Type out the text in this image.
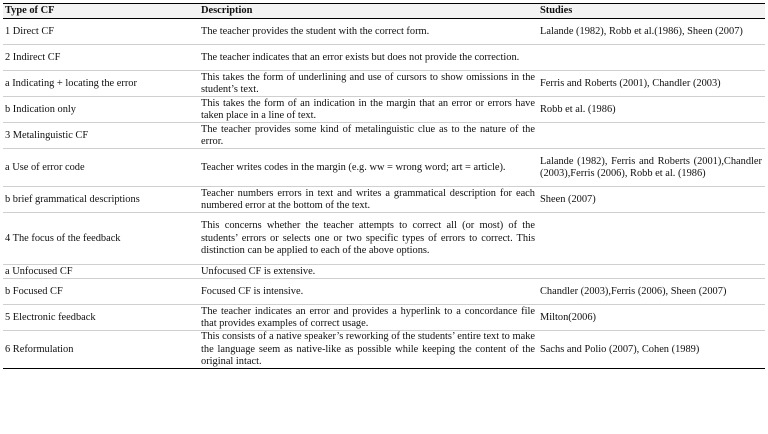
Type of CF	Description	Studies
1 Direct CF	The teacher provides the student with the correct form.	Lalande (1982), Robb et al.(1986), Sheen (2007)
2 Indirect CF	The teacher indicates that an error exists but does not provide the correction.	
a Indicating + locating the error	This takes the form of underlining and use of cursors to show omissions in the student’s text.	Ferris and Roberts (2001), Chandler (2003)
b Indication only	This takes the form of an indication in the margin that an error or errors have taken place in a line of text.	Robb et al. (1986)
3 Metalinguistic CF	The teacher provides some kind of metalinguistic clue as to the nature of the error.	
a Use of error code	Teacher writes codes in the margin (e.g. ww = wrong word; art = article).	Lalande (1982), Ferris and Roberts (2001),Chandler (2003),Ferris (2006), Robb et al. (1986)
b brief grammatical descriptions	Teacher numbers errors in text and writes a grammatical description for each numbered error at the bottom of the text.	Sheen (2007)
4 The focus of the feedback	This concerns whether the teacher attempts to correct all (or most) of the students’ errors or selects one or two specific types of errors to correct. This distinction can be applied to each of the above options.	
a Unfocused CF	Unfocused CF is extensive.	
b Focused CF	Focused CF is intensive.	Chandler (2003),Ferris (2006), Sheen (2007)
5 Electronic feedback	The teacher indicates an error and provides a hyperlink to a concordance file that provides examples of correct usage.	Milton(2006)
6 Reformulation	This consists of a native speaker’s reworking of the students’ entire text to make the language seem as native-like as possible while keeping the content of the original intact.	Sachs and Polio (2007), Cohen (1989)
